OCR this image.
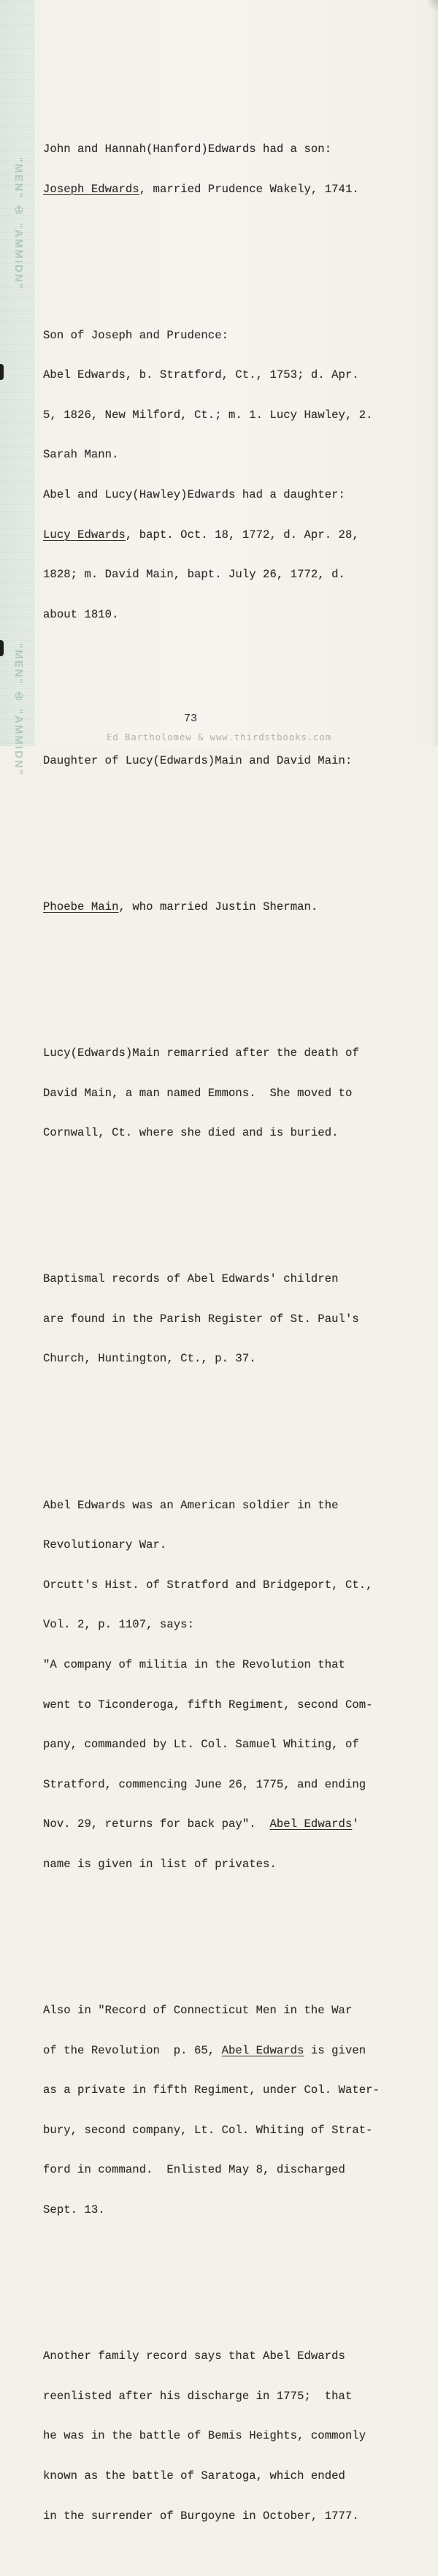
"MEN" ♔ "AMMIDN"
"MEN" ♔ "AMMIDN"

John and Hannah(Hanford)Edwards had a son:

Joseph Edwards, married Prudence Wakely, 1741.

Son of Joseph and Prudence:

Abel Edwards, b. Stratford, Ct., 1753; d. Apr.

5, 1826, New Milford, Ct.; m. 1. Lucy Hawley, 2.

Sarah Mann.

Abel and Lucy(Hawley)Edwards had a daughter:

Lucy Edwards, bapt. Oct. 18, 1772, d. Apr. 28,

1828; m. David Main, bapt. July 26, 1772, d.

about 1810.

Daughter of Lucy(Edwards)Main and David Main:

Phoebe Main, who married Justin Sherman.

Lucy(Edwards)Main remarried after the death of

David Main, a man named Emmons.  She moved to

Cornwall, Ct. where she died and is buried.

Baptismal records of Abel Edwards' children

are found in the Parish Register of St. Paul's

Church, Huntington, Ct., p. 37.

Abel Edwards was an American soldier in the

Revolutionary War.

Orcutt's Hist. of Stratford and Bridgeport, Ct.,

Vol. 2, p. 1107, says:

"A company of militia in the Revolution that

went to Ticonderoga, fifth Regiment, second Com-

pany, commanded by Lt. Col. Samuel Whiting, of

Stratford, commencing June 26, 1775, and ending

Nov. 29, returns for back pay".  Abel Edwards'

name is given in list of privates.

Also in "Record of Connecticut Men in the War

of the Revolution  p. 65, Abel Edwards is given

as a private in fifth Regiment, under Col. Water-

bury, second company, Lt. Col. Whiting of Strat-

ford in command.  Enlisted May 8, discharged

Sept. 13.

Another family record says that Abel Edwards

reenlisted after his discharge in 1775;  that

he was in the battle of Bemis Heights, commonly

known as the battle of Saratoga, which ended

in the surrender of Burgoyne in October, 1777.

73
Ed Bartholomew & www.thirdstbooks.com
